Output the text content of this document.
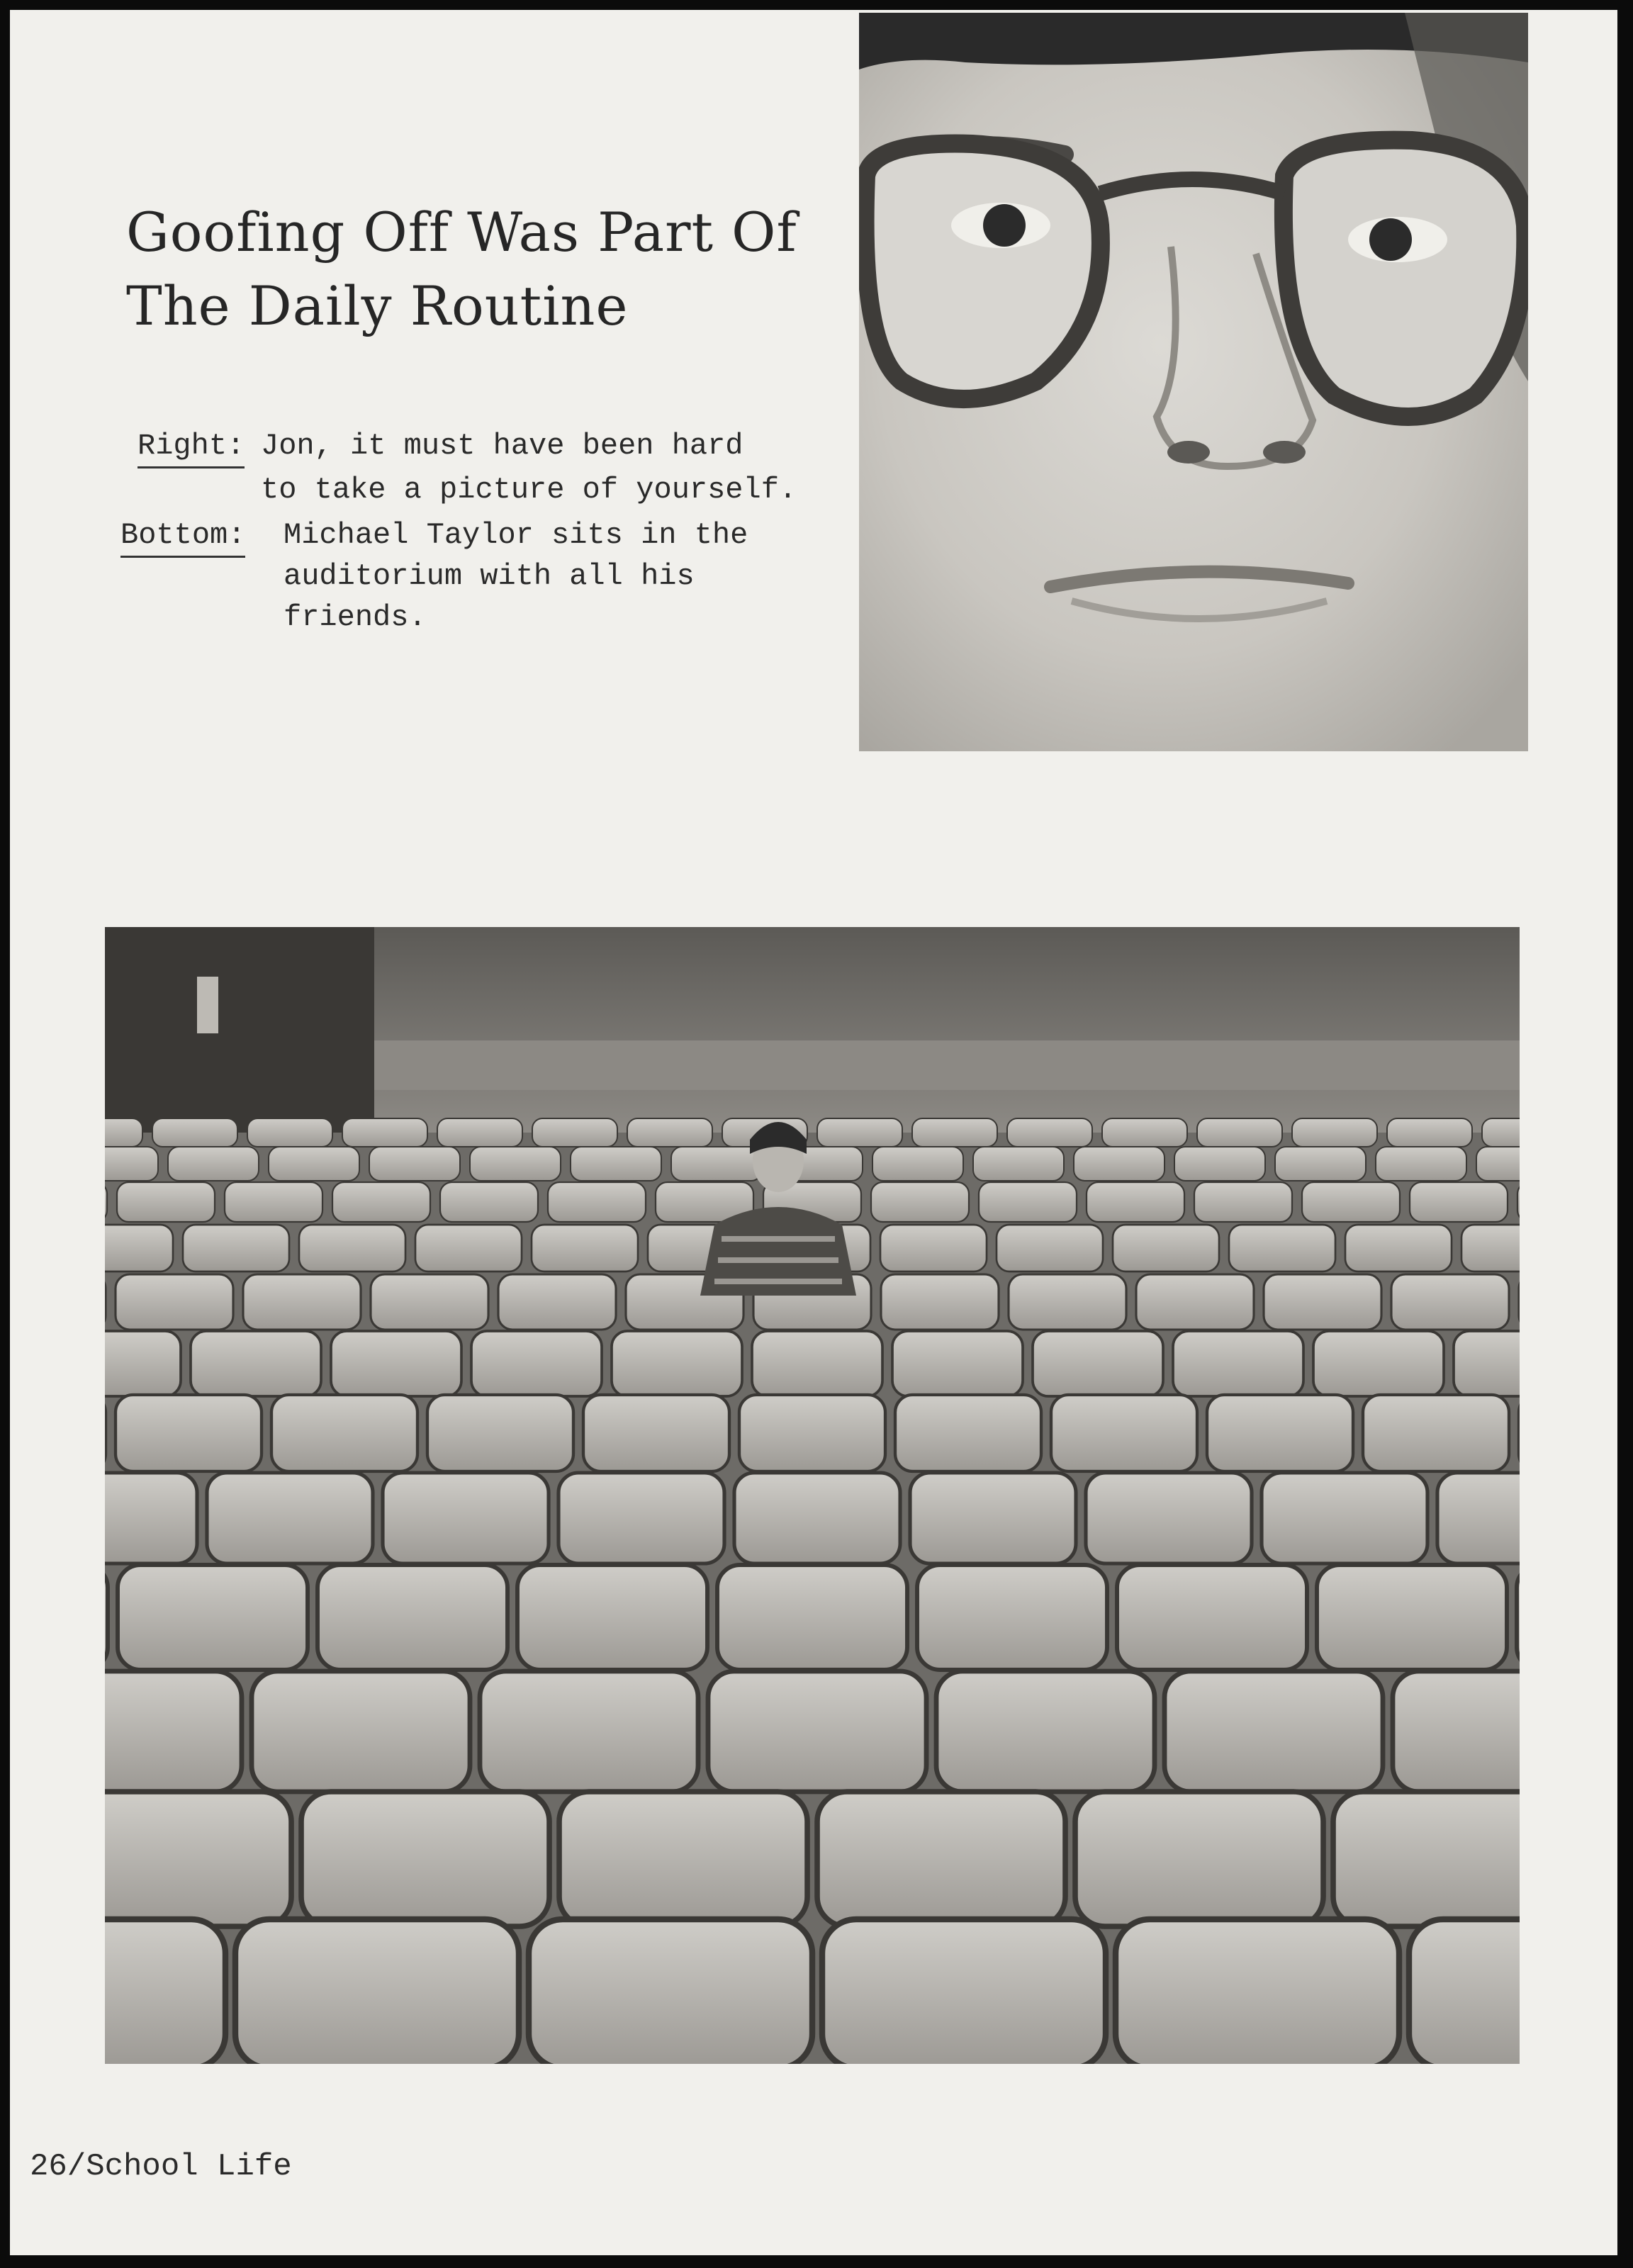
Goofing Off Was Part Of
The Daily Routine
Right: Jon, it must have been hard
to take a picture of yourself.
Bottom: Michael Taylor sits in the
auditorium with all his
friends.
26/School Life
